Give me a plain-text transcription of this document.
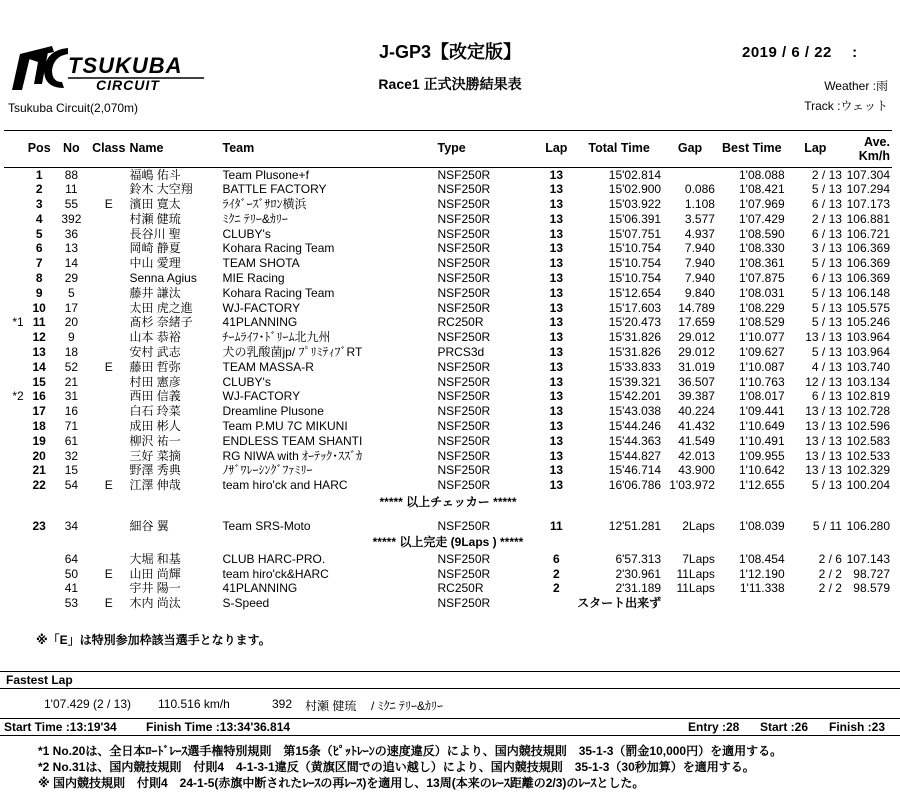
TSUKUBA
CIRCUIT
Tsukuba Circuit(2,070m)
J-GP3【改定版】
Race1 正式決勝結果表
2019 / 6 / 22　 :
Weather :雨
Track :ウェット
	Pos	No	Class	Name	Team	Type	Lap	Total Time	Gap	Best Time	Lap	Ave.
Km/h

	1	88		福嶋 佑斗	Team Plusone+f	NSF250R	13	15'02.814		1'08.088	2 / 13	107.304
	2	11		鈴木 大空翔	BATTLE FACTORY	NSF250R	13	15'02.900	0.086	1'08.421	5 / 13	107.294
	3	55	E	濱田 寛太	ﾗｲﾀﾞｰｽﾞｻﾛﾝ横浜	NSF250R	13	15'03.922	1.108	1'07.969	6 / 13	107.173
	4	392		村瀬 健琉	ﾐｸﾆ ﾃﾘｰ&ｶﾘｰ	NSF250R	13	15'06.391	3.577	1'07.429	2 / 13	106.881
	5	36		長谷川 聖	CLUBY's	NSF250R	13	15'07.751	4.937	1'08.590	6 / 13	106.721
	6	13		岡崎 静夏	Kohara Racing Team	NSF250R	13	15'10.754	7.940	1'08.330	3 / 13	106.369
	7	14		中山 愛理	TEAM SHOTA	NSF250R	13	15'10.754	7.940	1'08.361	5 / 13	106.369
	8	29		Senna Agius	MIE Racing	NSF250R	13	15'10.754	7.940	1'07.875	6 / 13	106.369
	9	5		藤井 謙汰	Kohara Racing Team	NSF250R	13	15'12.654	9.840	1'08.031	5 / 13	106.148
	10	17		太田 虎之進	WJ-FACTORY	NSF250R	13	15'17.603	14.789	1'08.229	5 / 13	105.575
*1	11	20		髙杉 奈緒子	41PLANNING	RC250R	13	15'20.473	17.659	1'08.529	5 / 13	105.246
	12	9		山本 恭裕	ﾁｰﾑﾗｲﾌ･ﾄﾞﾘｰﾑ北九州	NSF250R	13	15'31.826	29.012	1'10.077	13 / 13	103.964
	13	18		安村 武志	犬の乳酸菌jp/ ﾌﾟﾘﾐﾃｨﾌﾞRT	PRCS3d	13	15'31.826	29.012	1'09.627	5 / 13	103.964
	14	52	E	藤田 哲弥	TEAM MASSA-R	NSF250R	13	15'33.833	31.019	1'10.087	4 / 13	103.740
	15	21		村田 憲彦	CLUBY's	NSF250R	13	15'39.321	36.507	1'10.763	12 / 13	103.134
*2	16	31		西田 信義	WJ-FACTORY	NSF250R	13	15'42.201	39.387	1'08.017	6 / 13	102.819
	17	16		白石 玲菜	Dreamline Plusone	NSF250R	13	15'43.038	40.224	1'09.441	13 / 13	102.728
	18	71		成田 彬人	Team P.MU 7C MIKUNI	NSF250R	13	15'44.246	41.432	1'10.649	13 / 13	102.596
	19	61		柳沢 祐一	ENDLESS TEAM SHANTI	NSF250R	13	15'44.363	41.549	1'10.491	13 / 13	102.583
	20	32		三好 菜摘	RG NIWA with ｵｰﾃｯｸ･ｽｽﾞｶ	NSF250R	13	15'44.827	42.013	1'09.955	13 / 13	102.533
	21	15		野澤 秀典	ﾉｻﾞﾜﾚｰｼﾝｸﾞﾌｧﾐﾘｰ	NSF250R	13	15'46.714	43.900	1'10.642	13 / 13	102.329
	22	54	E	江澤 伸哉	team hiro'ck and HARC	NSF250R	13	16'06.786	1'03.972	1'12.655	5 / 13	100.204
***** 以上チェッカー *****												

	23	34		細谷 翼	Team SRS-Moto	NSF250R	11	12'51.281	2Laps	1'08.039	5 / 11	106.280
***** 以上完走 (9Laps ) *****												
		64		大堀 和基	CLUB HARC-PRO.	NSF250R	6	6'57.313	7Laps	1'08.454	2 / 6	107.143
		50	E	山田 尚輝	team hiro'ck&HARC	NSF250R	2	2'30.961	11Laps	1'12.190	2 / 2	98.727
		41		宇井 陽一	41PLANNING	RC250R	2	2'31.189	11Laps	1'11.338	2 / 2	98.579
		53	E	木内 尚汰	S-Speed	NSF250R		スタート出来ず				
※「E」は特別参加枠該当選手となります。
Fastest Lap
1'07.429 (2 / 13) 110.516 km/h	392 村瀬 健琉 / ﾐｸﾆ ﾃﾘｰ&ｶﾘｰ
Start Time :13:19'34 Finish Time :13:34'36.814	Entry :28 Start :26 Finish :23
*1 No.20は、全日本ﾛｰﾄﾞﾚｰｽ選手権特別規則　第15条（ﾋﾟｯﾄﾚｰﾝの速度違反）により、国内競技規則　35-1-3（罰金10,000円）を適用する。
*2 No.31は、国内競技規則　付則4　4-1-3-1違反（黄旗区間での追い越し）により、国内競技規則　35-1-3（30秒加算）を適用する。
※ 国内競技規則　付則4　24-1-5(赤旗中断されたﾚｰｽの再ﾚｰｽ)を適用し、13周(本来のﾚｰｽ距離の2/3)のﾚｰｽとした。
